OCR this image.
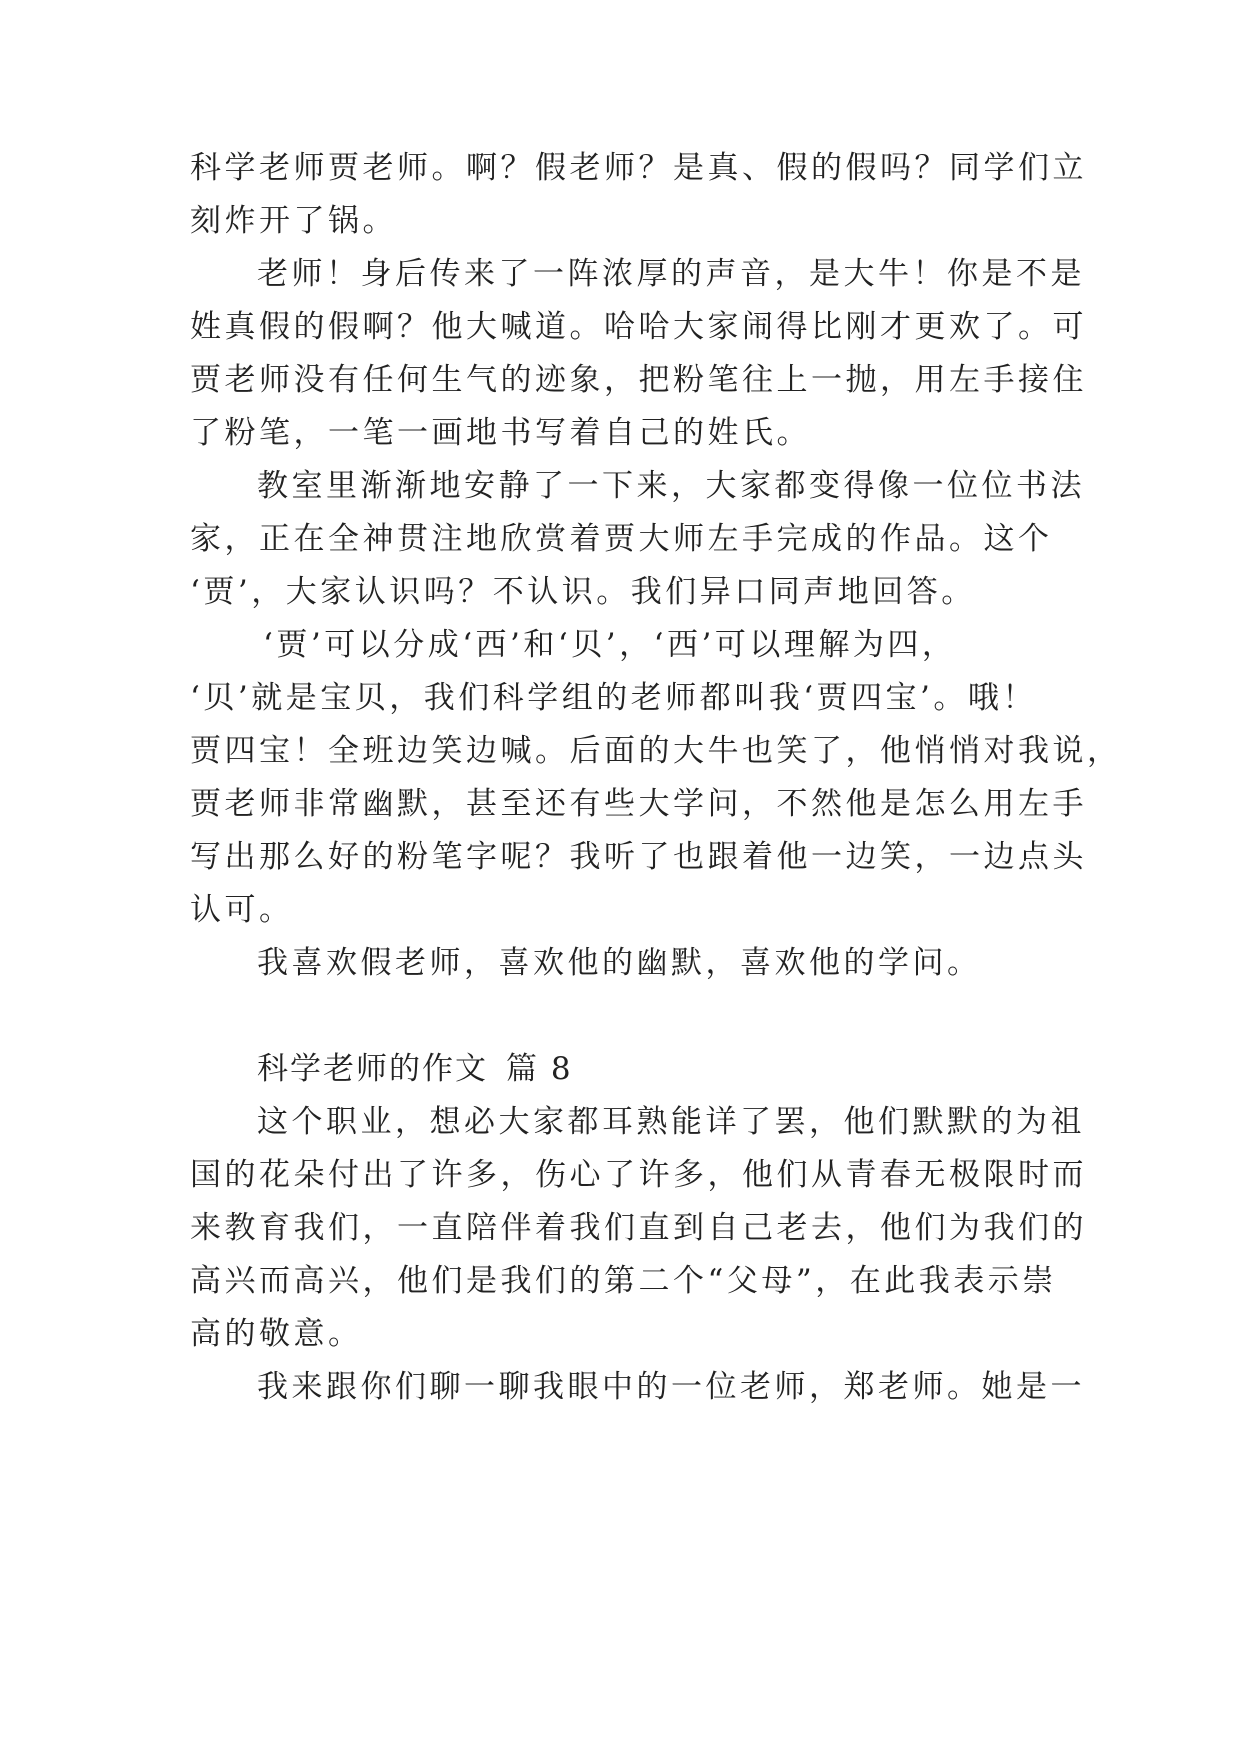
科学老师贾老师。啊？假老师？是真、假的假吗？同学们立
刻炸开了锅。
老师！身后传来了一阵浓厚的声音，是大牛！你是不是
姓真假的假啊？他大喊道。哈哈大家闹得比刚才更欢了。可
贾老师没有任何生气的迹象，把粉笔往上一抛，用左手接住
了粉笔，一笔一画地书写着自己的姓氏。
教室里渐渐地安静了一下来，大家都变得像一位位书法
家，正在全神贯注地欣赏着贾大师左手完成的作品。这个
‘贾’，大家认识吗？不认识。我们异口同声地回答。
‘贾’可以分成‘西’和‘贝’，‘西’可以理解为四，
‘贝’就是宝贝，我们科学组的老师都叫我‘贾四宝’。哦！
贾四宝！全班边笑边喊。后面的大牛也笑了，他悄悄对我说，
贾老师非常幽默，甚至还有些大学问，不然他是怎么用左手
写出那么好的粉笔字呢？我听了也跟着他一边笑，一边点头
认可。
我喜欢假老师，喜欢他的幽默，喜欢他的学问。
科学老师的作文 篇 8
这个职业，想必大家都耳熟能详了罢，他们默默的为祖
国的花朵付出了许多，伤心了许多，他们从青春无极限时而
来教育我们，一直陪伴着我们直到自己老去，他们为我们的
高兴而高兴，他们是我们的第二个“父母”，在此我表示崇
高的敬意。
我来跟你们聊一聊我眼中的一位老师，郑老师。她是一
